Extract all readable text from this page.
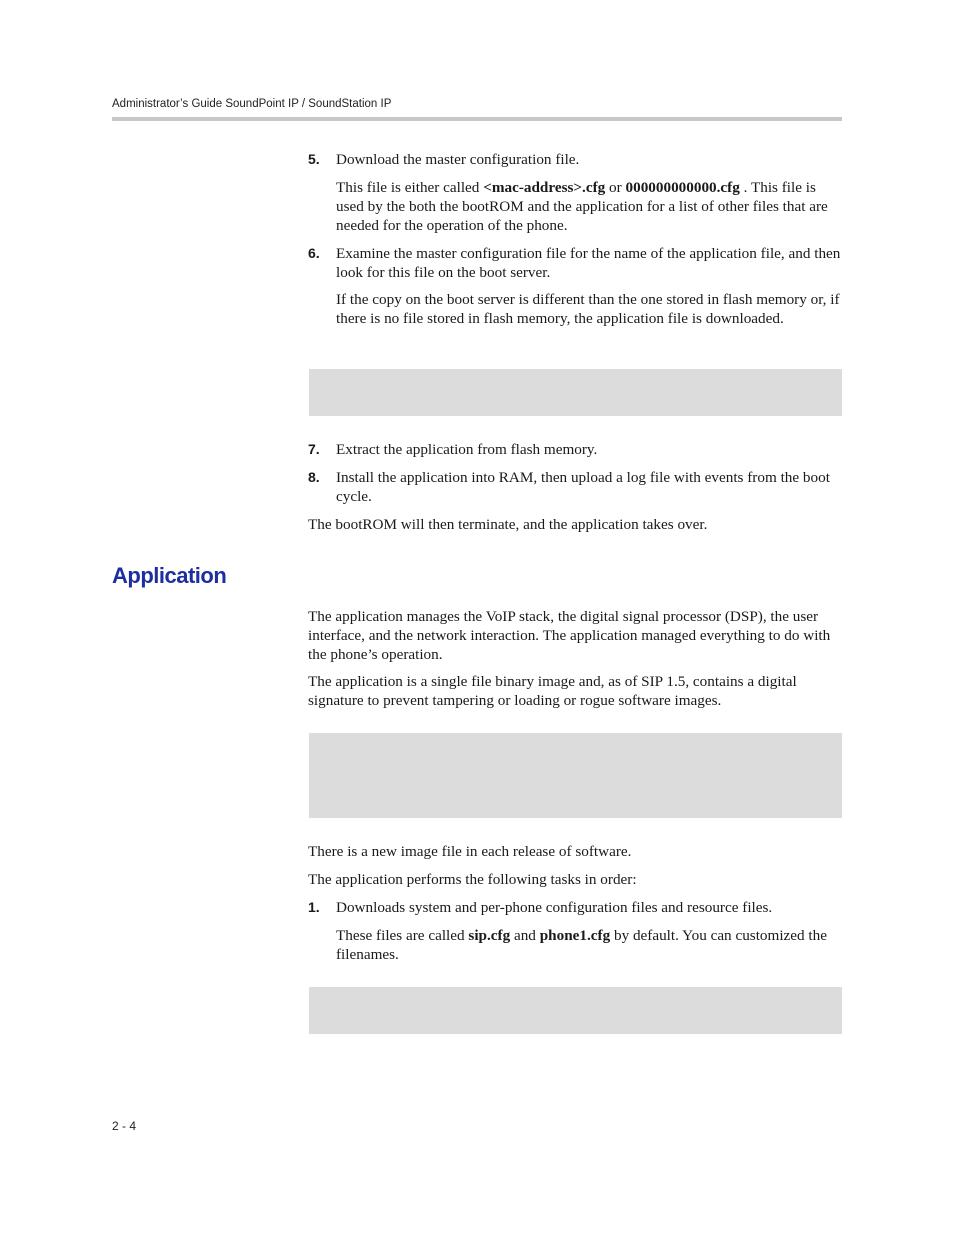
Administrator’s Guide SoundPoint IP / SoundStation IP
5. Download the master configuration file.

This file is either called <mac-address>.cfg or 000000000000.cfg . This file is used by the both the bootROM and the application for a list of other files that are needed for the operation of the phone.

6. Examine the master configuration file for the name of the application file, and then look for this file on the boot server.

If the copy on the boot server is different than the one stored in flash memory or, if there is no file stored in flash memory, the application file is downloaded.

7. Extract the application from flash memory.

8. Install the application into RAM, then upload a log file with events from the boot cycle.

The bootROM will then terminate, and the application takes over.

Application

The application manages the VoIP stack, the digital signal processor (DSP), the user interface, and the network interaction. The application managed everything to do with the phone’s operation.

The application is a single file binary image and, as of SIP 1.5, contains a digital signature to prevent tampering or loading or rogue software images.

There is a new image file in each release of software.

The application performs the following tasks in order:

1. Downloads system and per-phone configuration files and resource files.

These files are called sip.cfg and phone1.cfg by default. You can customized the filenames.

2 - 4
